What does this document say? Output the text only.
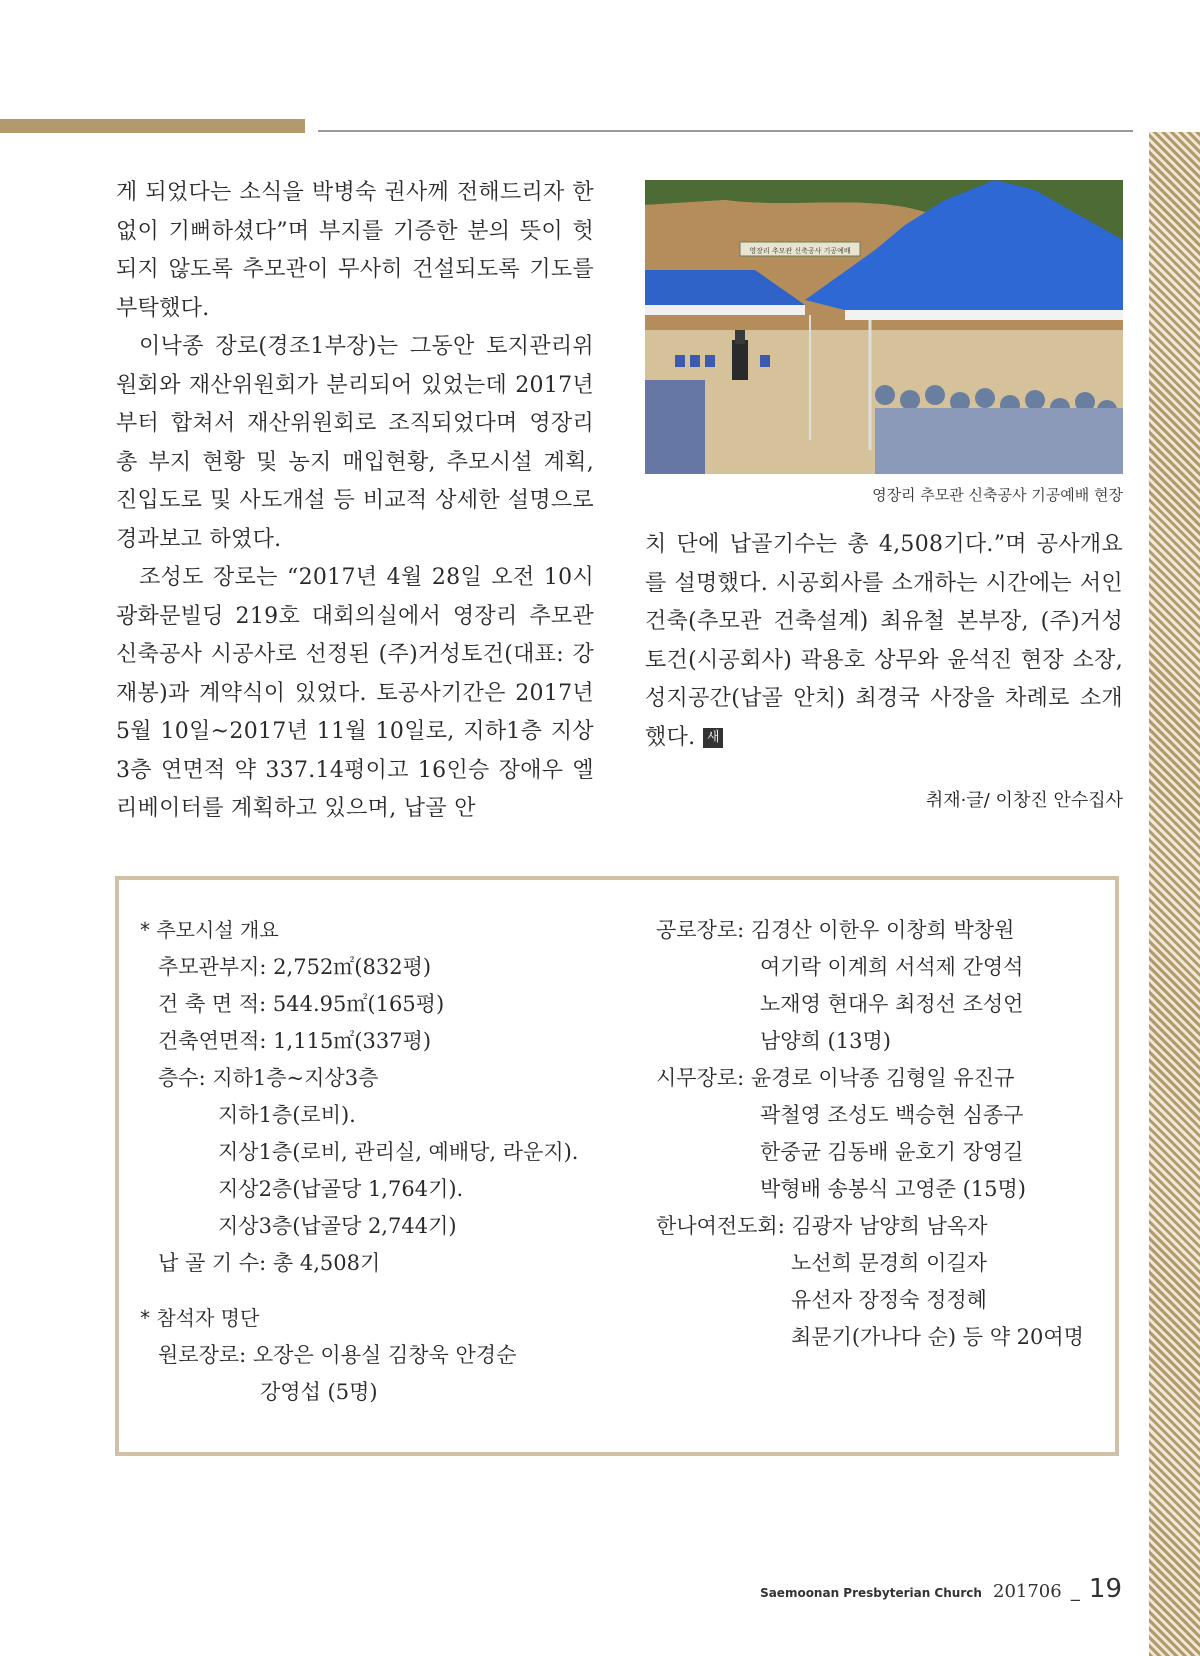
게 되었다는 소식을 박병숙 권사께 전해드리자 한없이 기뻐하셨다”며 부지를 기증한 분의 뜻이 헛되지 않도록 추모관이 무사히 건설되도록 기도를 부탁했다.

이낙종 장로(경조1부장)는 그동안 토지관리위원회와 재산위원회가 분리되어 있었는데 2017년부터 합쳐서 재산위원회로 조직되었다며 영장리 총 부지 현황 및 농지 매입현황, 추모시설 계획, 진입도로 및 사도개설 등 비교적 상세한 설명으로 경과보고 하였다.

조성도 장로는 “2017년 4월 28일 오전 10시 광화문빌딩 219호 대회의실에서 영장리 추모관 신축공사 시공사로 선정된 (주)거성토건(대표: 강재봉)과 계약식이 있었다. 토공사기간은 2017년 5월 10일~2017년 11월 10일로, 지하1층 지상3층 연면적 약 337.14평이고 16인승 장애우 엘리베이터를 계획하고 있으며, 납골 안

영장리 추모관 신축공사 기공예배
영장리 추모관 신축공사 기공예배 현장

치 단에 납골기수는 총 4,508기다.”며 공사개요를 설명했다. 시공회사를 소개하는 시간에는 서인건축(추모관 건축설계) 최유철 본부장, (주)거성토건(시공회사) 곽용호 상무와 윤석진 현장 소장, 성지공간(납골 안치) 최경국 사장을 차례로 소개했다. 새

취재·글/ 이창진 안수집사
* 추모시설 개요
추모관부지: 2,752㎡(832평)
건 축 면 적: 544.95㎡(165평)
건축연면적: 1,115㎡(337평)
층수: 지하1층~지상3층
지하1층(로비).
지상1층(로비, 관리실, 예배당, 라운지).
지상2층(납골당 1,764기).
지상3층(납골당 2,744기)
납 골 기 수: 총 4,508기
* 참석자 명단
원로장로: 오장은 이용실 김창욱 안경순
강영섭 (5명)
공로장로: 김경산 이한우 이창희 박창원
여기락 이계희 서석제 간영석
노재영 현대우 최정선 조성언
남양희 (13명)
시무장로: 윤경로 이낙종 김형일 유진규
곽철영 조성도 백승현 심종구
한중균 김동배 윤호기 장영길
박형배 송봉식 고영준 (15명)
한나여전도회: 김광자 남양희 남옥자
노선희 문경희 이길자
유선자 장정숙 정정혜
최문기(가나다 순) 등 약 20여명
Saemoonan Presbyterian Church 201706 _ 19
